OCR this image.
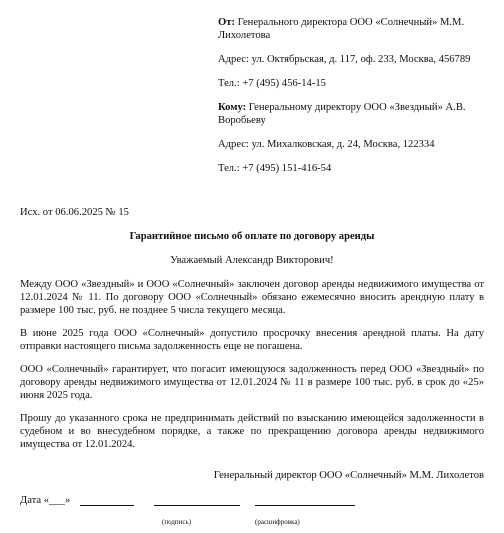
От: Генерального директора ООО «Солнечный» М.М. Лихолетова

Адрес: ул. Октябрьская, д. 117, оф. 233, Москва, 456789

Тел.: +7 (495) 456-14-15

Кому: Генеральному директору ООО «Звездный» А.В. Воробьеву

Адрес: ул. Михалковская, д. 24, Москва, 122334

Тел.: +7 (495) 151-416-54

Исх. от 06.06.2025 № 15
Гарантийное письмо об оплате по договору аренды
Уважаемый Александр Викторович!

Между ООО «Звездный» и ООО «Солнечный» заключен договор аренды недвижимого имущества от 12.01.2024 № 11. По договору ООО «Солнечный» обязано ежемесячно вносить арендную плату в размере 100 тыс. руб. не позднее 5 числа текущего месяца.

В июне 2025 года ООО «Солнечный» допустило просрочку внесения арендной платы. На дату отправки настоящего письма задолженность еще не погашена.

ООО «Солнечный» гарантирует, что погасит имеющуюся задолженность перед ООО «Звездный» по договору аренды недвижимого имущества от 12.01.2024 № 11 в размере 100 тыс. руб. в срок до «25» июня 2025 года.

Прошу до указанного срока не предпринимать действий по взысканию имеющейся задолженности в судебном и во внесудебном порядке, а также по прекращению договора аренды недвижимого имущества от 12.01.2024.

Генеральный директор ООО «Солнечный» М.М. Лихолетов
Дата «___»
(подпись)	(расшифровка)
